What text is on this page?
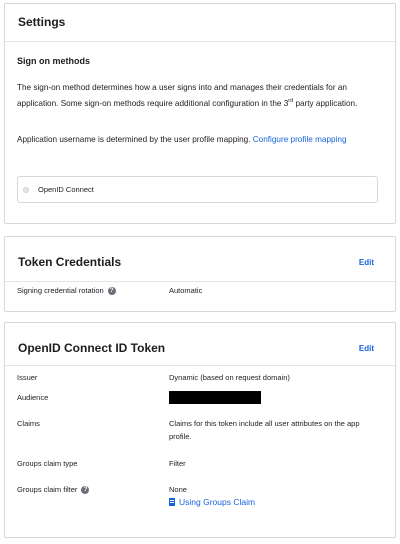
Settings
Sign on methods
The sign-on method determines how a user signs into and manages their credentials for an application. Some sign-on methods require additional configuration in the 3rd party application.
Application username is determined by the user profile mapping. Configure profile mapping
OpenID Connect
Token Credentials	Edit
Signing credential rotation	?	Automatic
OpenID Connect ID Token	Edit
Issuer	Dynamic (based on request domain)
Audience
Claims	Claims for this token include all user attributes on the app profile.
Groups claim type	Filter
Groups claim filter	?	None
Using Groups Claim
